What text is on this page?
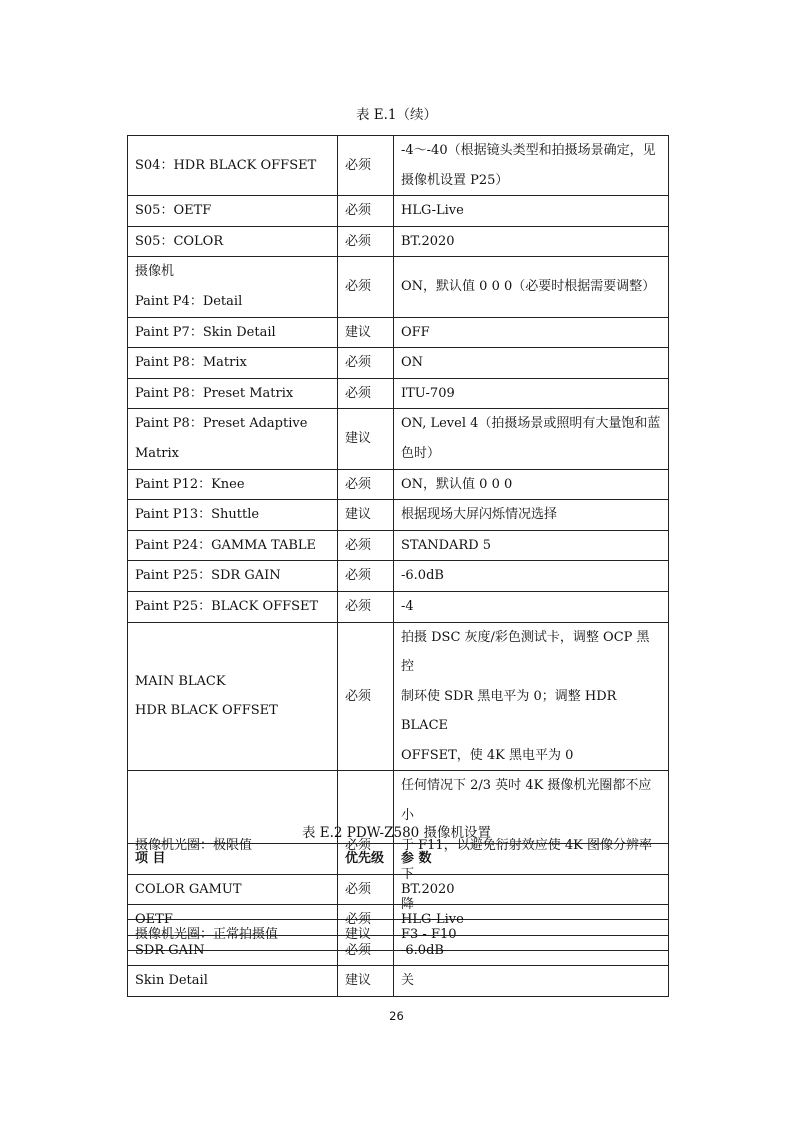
表 E.1（续）
S04：HDR BLACK OFFSET	必须	-4～-40（根据镜头类型和拍摄场景确定，见
摄像机设置 P25）
S05：OETF	必须	HLG-Live
S05：COLOR	必须	BT.2020
摄像机
Paint P4：Detail	必须	ON，默认值 0 0 0（必要时根据需要调整）
Paint P7：Skin Detail	建议	OFF
Paint P8：Matrix	必须	ON
Paint P8：Preset Matrix	必须	ITU-709
Paint P8：Preset Adaptive Matrix	建议	ON, Level 4（拍摄场景或照明有大量饱和蓝
色时）
Paint P12：Knee	必须	ON，默认值 0 0 0
Paint P13：Shuttle	建议	根据现场大屏闪烁情况选择
Paint P24：GAMMA TABLE	必须	STANDARD 5
Paint P25：SDR GAIN	必须	-6.0dB
Paint P25：BLACK OFFSET	必须	-4
MAIN BLACK
HDR BLACK OFFSET	必须	拍摄 DSC 灰度/彩色测试卡，调整 OCP 黑控
制环使 SDR 黑电平为 0；调整 HDR BLACE
OFFSET，使 4K 黑电平为 0
摄像机光圈：极限值	必须	任何情况下 2/3 英吋 4K 摄像机光圈都不应小
于 F11，以避免衍射效应使 4K 图像分辨率下
降
摄像机光圈：正常拍摄值	建议	F3 - F10
表 E.2 PDW-Z580 摄像机设置
项 目	优先级	参 数
COLOR GAMUT	必须	BT.2020
OETF	必须	HLG-Live
SDR GAIN	必须	-6.0dB
Skin Detail	建议	关
26
